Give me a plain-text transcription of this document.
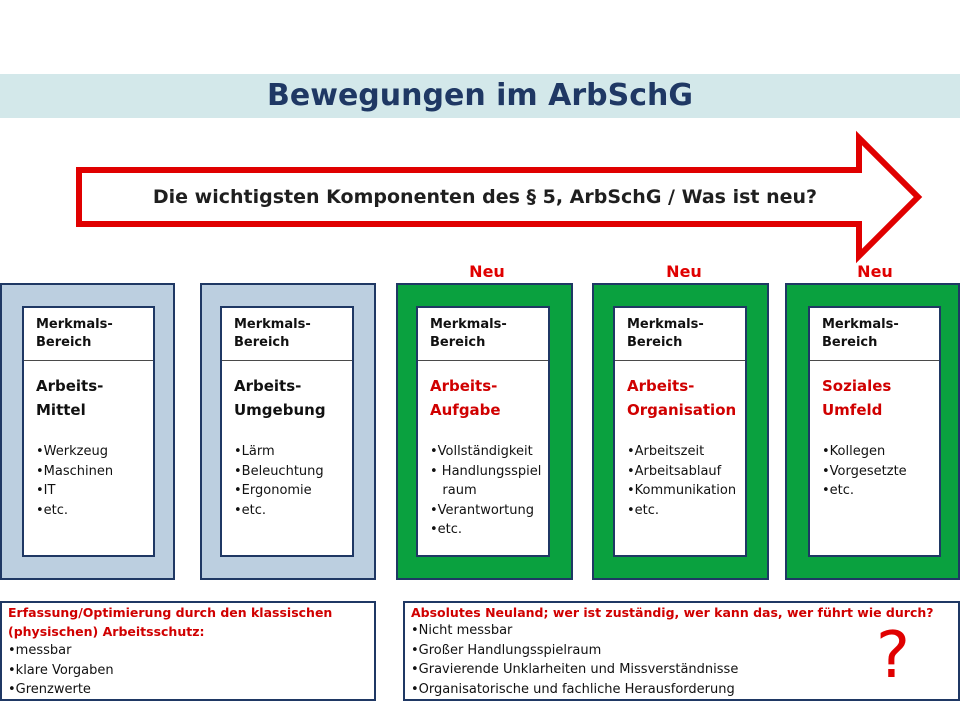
Bewegungen im ArbSchG
Die wichtigsten Komponenten des § 5, ArbSchG / Was ist neu?
Neu	Neu	Neu
Merkmals-
Bereich
Arbeits-
Mittel
•Werkzeug
•Maschinen
•IT
•etc.
Merkmals-
Bereich
Arbeits-
Umgebung
•Lärm
•Beleuchtung
•Ergonomie
•etc.
Merkmals-
Bereich
Arbeits-
Aufgabe
•Vollständigkeit
• Handlungsspiel
raum
•Verantwortung
•etc.
Merkmals-
Bereich
Arbeits-
Organisation
•Arbeitszeit
•Arbeitsablauf
•Kommunikation
•etc.
Merkmals-
Bereich
Soziales
Umfeld
•Kollegen
•Vorgesetzte
•etc.
Erfassung/Optimierung durch den klassischen
(physischen) Arbeitsschutz:
•messbar
•klare Vorgaben
•Grenzwerte
Absolutes Neuland; wer ist zuständig, wer kann das, wer führt wie durch?
•Nicht messbar
•Großer Handlungsspielraum
•Gravierende Unklarheiten und Missverständnisse
•Organisatorische und fachliche Herausforderung ?
